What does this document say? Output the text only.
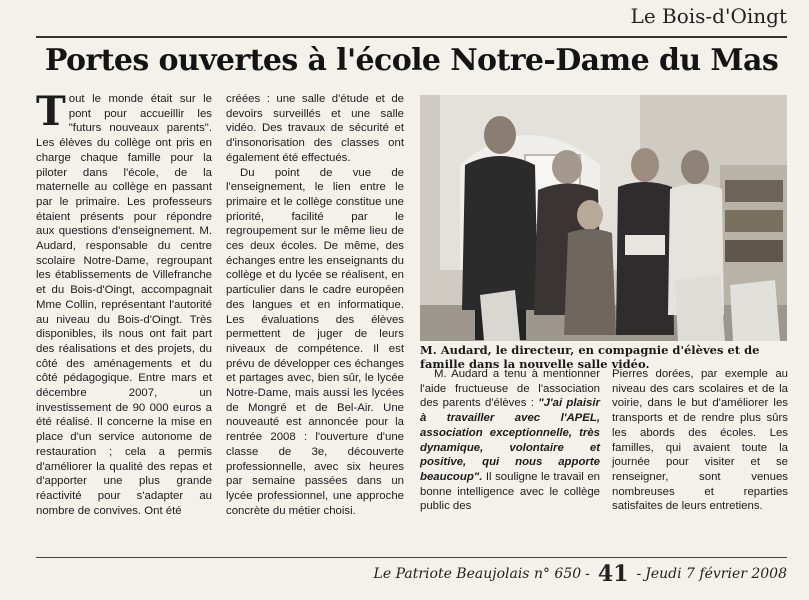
Le Bois-d'Oingt
Portes ouvertes à l'école Notre-Dame du Mas

Tout le monde était sur le pont pour accueillir les "futurs nouveaux parents". Les élèves du collège ont pris en charge chaque famille pour la piloter dans l'école, de la maternelle au collège en passant par le primaire. Les professeurs étaient présents pour répondre aux questions d'enseignement. M. Audard, responsable du centre scolaire Notre-Dame, regroupant les établissements de Villefranche et du Bois-d'Oingt, accompagnait Mme Collin, représentant l'autorité au niveau du Bois-d'Oingt. Très disponibles, ils nous ont fait part des réalisations et des projets, du côté des aménagements et du côté pédagogique. Entre mars et décembre 2007, un investissement de 90 000 euros a été réalisé. Il concerne la mise en place d'un service autonome de restauration ; cela a permis d'améliorer la qualité des repas et d'apporter une plus grande réactivité pour s'adapter au nombre de convives. Ont été

créées : une salle d'étude et de devoirs surveillés et une salle vidéo. Des travaux de sécurité et d'insonorisation des classes ont également été effectués.

Du point de vue de l'enseignement, le lien entre le primaire et le collège constitue une priorité, facilité par le regroupement sur le même lieu de ces deux écoles. De même, des échanges entre les enseignants du collège et du lycée se réalisent, en particulier dans le cadre européen des langues et en informatique. Les évaluations des élèves permettent de juger de leurs niveaux de compétence. Il est prévu de développer ces échanges et partages avec, bien sûr, le lycée Notre-Dame, mais aussi les lycées de Mongré et de Bel-Air. Une nouveauté est annoncée pour la rentrée 2008 : l'ouverture d'une classe de 3e, découverte professionnelle, avec six heures par semaine passées dans un lycée professionnel, une approche concrète du métier choisi.

M. Audard, le directeur, en compagnie d'élèves et de famille dans la nouvelle salle vidéo.

M. Audard a tenu à mentionner l'aide fructueuse de l'association des parents d'élèves : "J'ai plaisir à travailler avec l'APEL, association exceptionnelle, très dynamique, volontaire et positive, qui nous apporte beaucoup". Il souligne le travail en bonne intelligence avec le collège public des

Pierres dorées, par exemple au niveau des cars scolaires et de la voirie, dans le but d'améliorer les transports et de rendre plus sûrs les abords des écoles. Les familles, qui avaient toute la journée pour visiter et se renseigner, sont venues nombreuses et reparties satisfaites de leurs entretiens.

Le Patriote Beaujolais n° 650 - 41 - Jeudi 7 février 2008
